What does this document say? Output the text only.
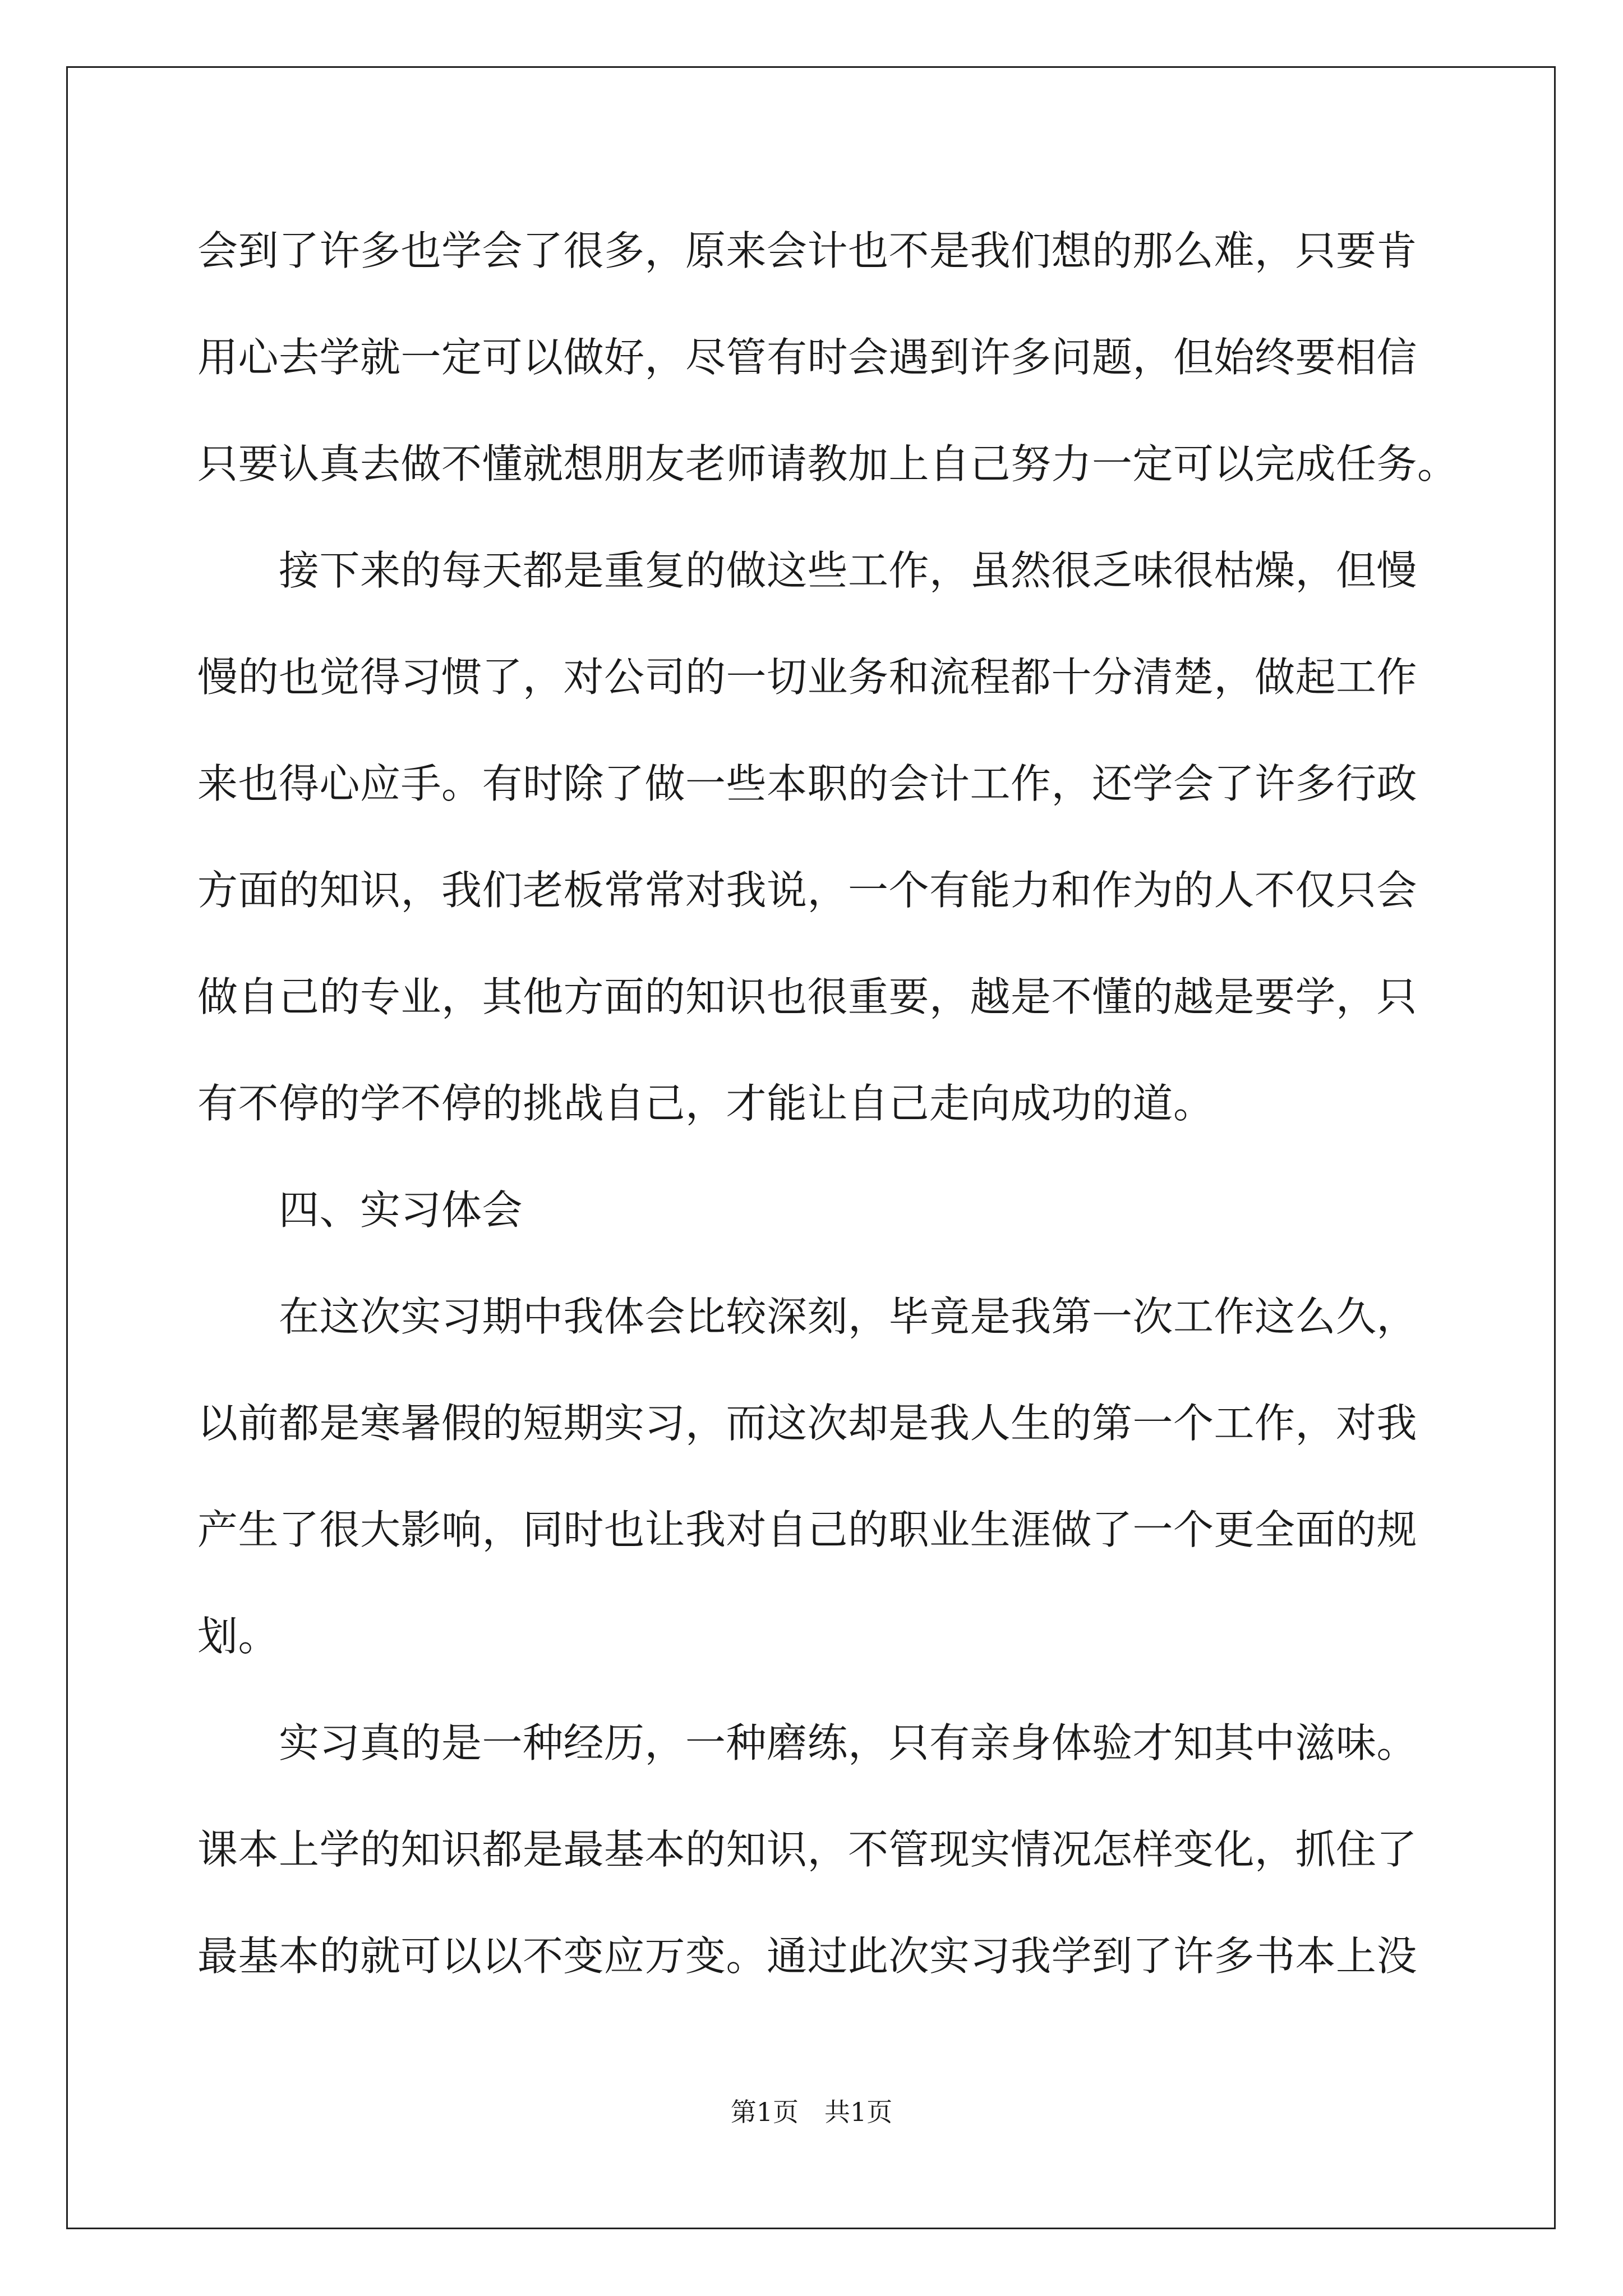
会到了许多也学会了很多，原来会计也不是我们想的那么难，只要肯
用心去学就一定可以做好，尽管有时会遇到许多问题，但始终要相信
只要认真去做不懂就想朋友老师请教加上自己努力一定可以完成任务。
　　接下来的每天都是重复的做这些工作，虽然很乏味很枯燥，但慢
慢的也觉得习惯了，对公司的一切业务和流程都十分清楚，做起工作
来也得心应手。有时除了做一些本职的会计工作，还学会了许多行政
方面的知识，我们老板常常对我说，一个有能力和作为的人不仅只会
做自己的专业，其他方面的知识也很重要，越是不懂的越是要学，只
有不停的学不停的挑战自己，才能让自己走向成功的道。
　　四、实习体会
　　在这次实习期中我体会比较深刻，毕竟是我第一次工作这么久，
以前都是寒暑假的短期实习，而这次却是我人生的第一个工作，对我
产生了很大影响，同时也让我对自己的职业生涯做了一个更全面的规
划。
　　实习真的是一种经历，一种磨练，只有亲身体验才知其中滋味。
课本上学的知识都是最基本的知识，不管现实情况怎样变化，抓住了
最基本的就可以以不变应万变。通过此次实习我学到了许多书本上没
第1页　共1页
